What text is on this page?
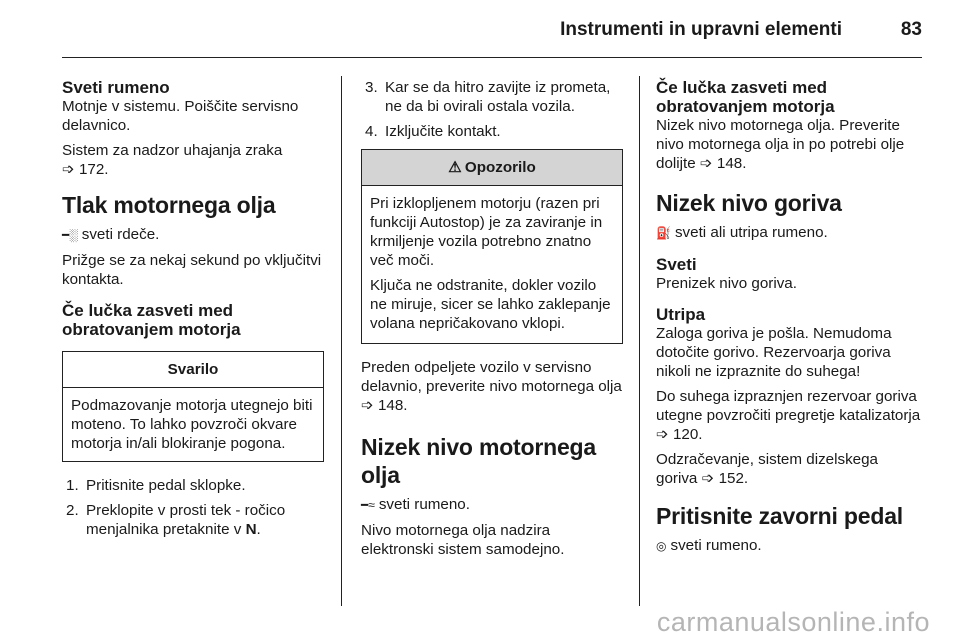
Instrumenti in upravni elementi	83
Sveti rumeno

Motnje v sistemu. Poiščite servisno delavnico.

Sistem za nadzor uhajanja zraka
➩ 172.

Tlak motornega olja

━░ sveti rdeče.

Prižge se za nekaj sekund po vključitvi kontakta.

Če lučka zasveti med obratovanjem motorja
Svarilo

Podmazovanje motorja utegnejo biti moteno. To lahko povzroči okvare motorja in/ali blokiranje pogona.

1. Pritisnite pedal sklopke.
2. Preklopite v prosti tek - ročico menjalnika pretaknite v N.
3. Kar se da hitro zavijte iz prometa, ne da bi ovirali ostala vozila.
4. Izključite kontakt.
⚠ Opozorilo

Pri izklopljenem motorju (razen pri funkciji Autostop) je za zaviranje in krmiljenje vozila potrebno znatno več moči.

Ključa ne odstranite, dokler vozilo ne miruje, sicer se lahko zaklepanje volana nepričakovano vklopi.

Preden odpeljete vozilo v servisno delavnio, preverite nivo motornega olja ➩ 148.

Nizek nivo motornega olja

━≈ sveti rumeno.

Nivo motornega olja nadzira elektronski sistem samodejno.

Če lučka zasveti med obratovanjem motorja

Nizek nivo motornega olja. Preverite nivo motornega olja in po potrebi olje dolijte ➩ 148.

Nizek nivo goriva

⛽ sveti ali utripa rumeno.

Sveti

Prenizek nivo goriva.

Utripa

Zaloga goriva je pošla. Nemudoma dotočite gorivo. Rezervoarja goriva nikoli ne izpraznite do suhega!

Do suhega izpraznjen rezervoar goriva utegne povzročiti pregretje katalizatorja ➩ 120.

Odzračevanje, sistem dizelskega goriva ➩ 152.

Pritisnite zavorni pedal

◎ sveti rumeno.

carmanualsonline.info
